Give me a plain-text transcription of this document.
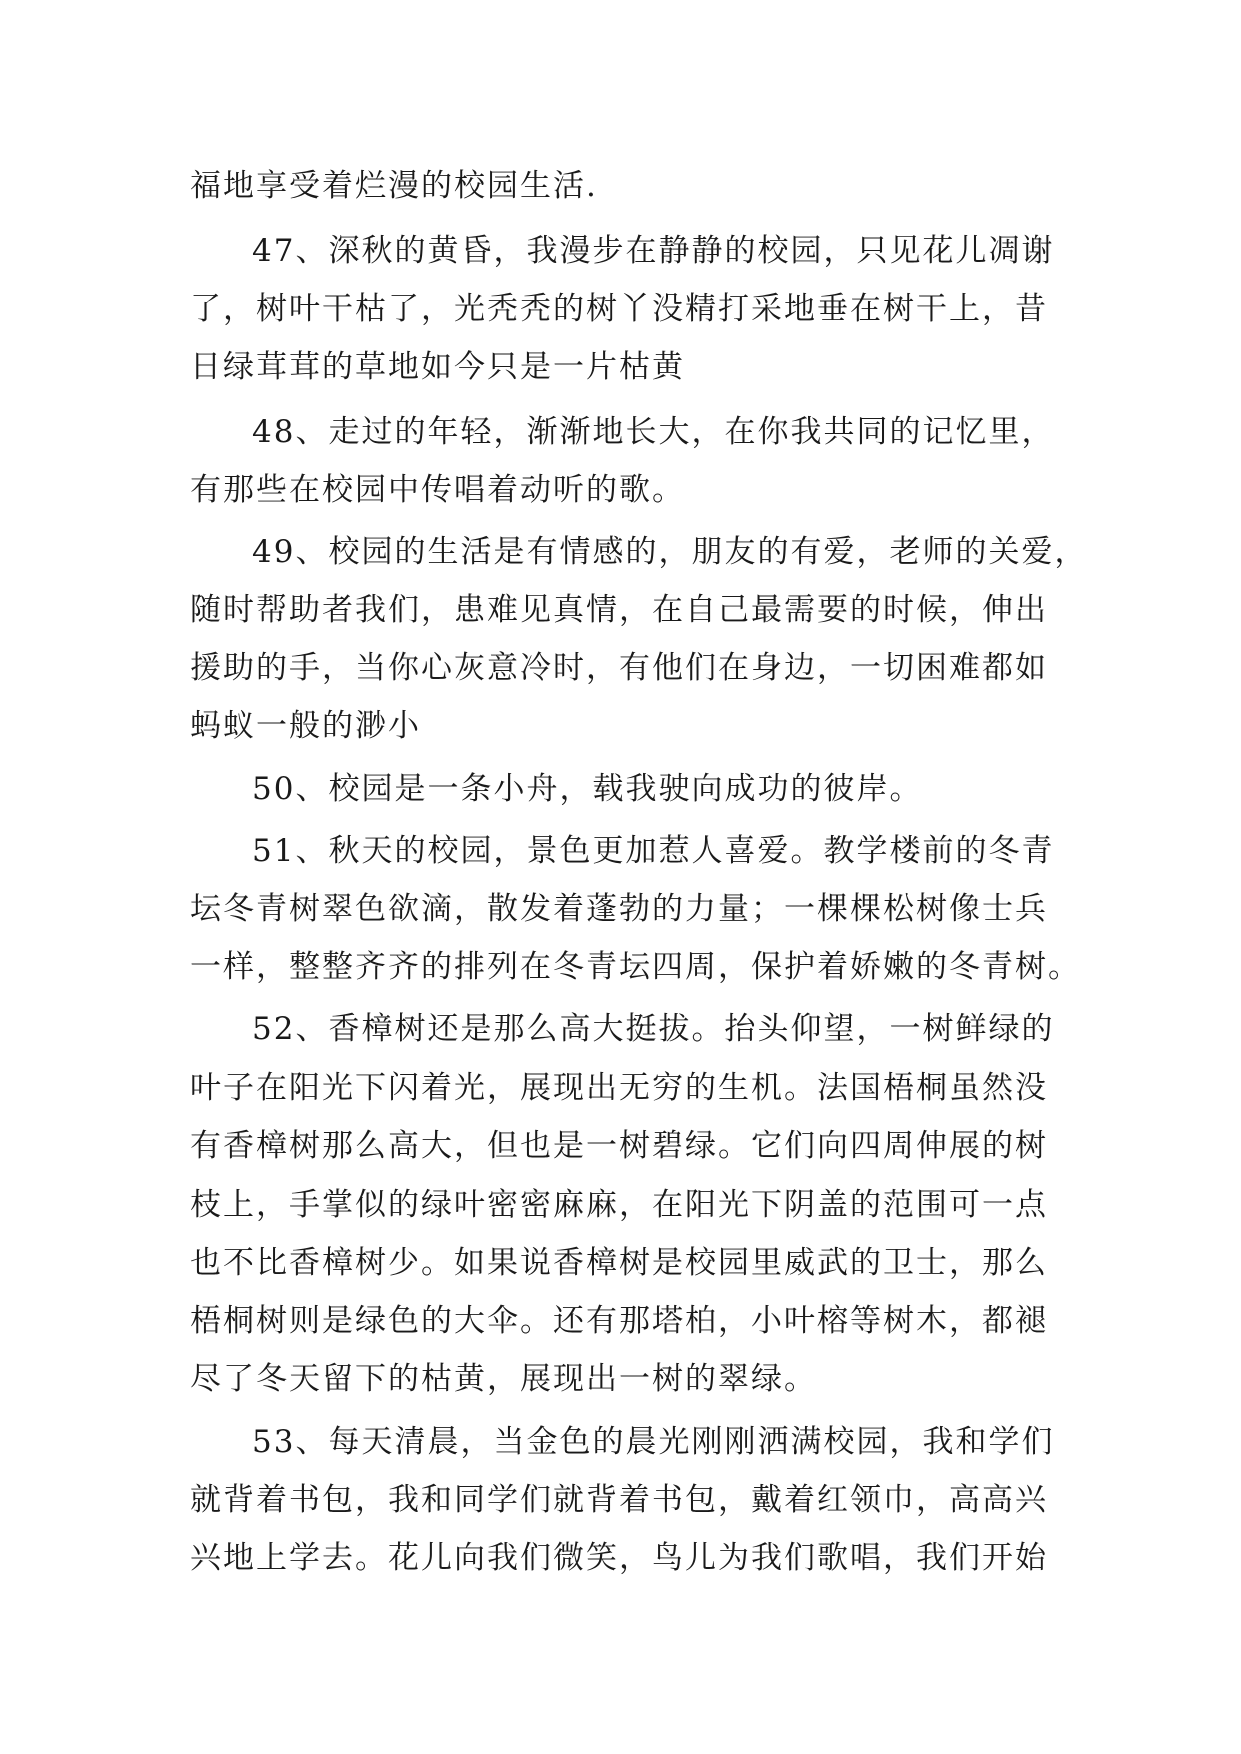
福地享受着烂漫的校园生活.
47、深秋的黄昏，我漫步在静静的校园，只见花儿凋谢
了，树叶干枯了，光秃秃的树丫没精打采地垂在树干上，昔
日绿茸茸的草地如今只是一片枯黄
48、走过的年轻，渐渐地长大，在你我共同的记忆里，
有那些在校园中传唱着动听的歌。
49、校园的生活是有情感的，朋友的有爱，老师的关爱，
随时帮助者我们，患难见真情，在自己最需要的时候，伸出
援助的手，当你心灰意冷时，有他们在身边，一切困难都如
蚂蚁一般的渺小
50、校园是一条小舟，载我驶向成功的彼岸。
51、秋天的校园，景色更加惹人喜爱。教学楼前的冬青
坛冬青树翠色欲滴，散发着蓬勃的力量；一棵棵松树像士兵
一样，整整齐齐的排列在冬青坛四周，保护着娇嫩的冬青树。
52、香樟树还是那么高大挺拔。抬头仰望，一树鲜绿的
叶子在阳光下闪着光，展现出无穷的生机。法国梧桐虽然没
有香樟树那么高大，但也是一树碧绿。它们向四周伸展的树
枝上，手掌似的绿叶密密麻麻，在阳光下阴盖的范围可一点
也不比香樟树少。如果说香樟树是校园里威武的卫士，那么
梧桐树则是绿色的大伞。还有那塔柏，小叶榕等树木，都褪
尽了冬天留下的枯黄，展现出一树的翠绿。
53、每天清晨，当金色的晨光刚刚洒满校园，我和学们
就背着书包，我和同学们就背着书包，戴着红领巾，高高兴
兴地上学去。花儿向我们微笑，鸟儿为我们歌唱，我们开始
